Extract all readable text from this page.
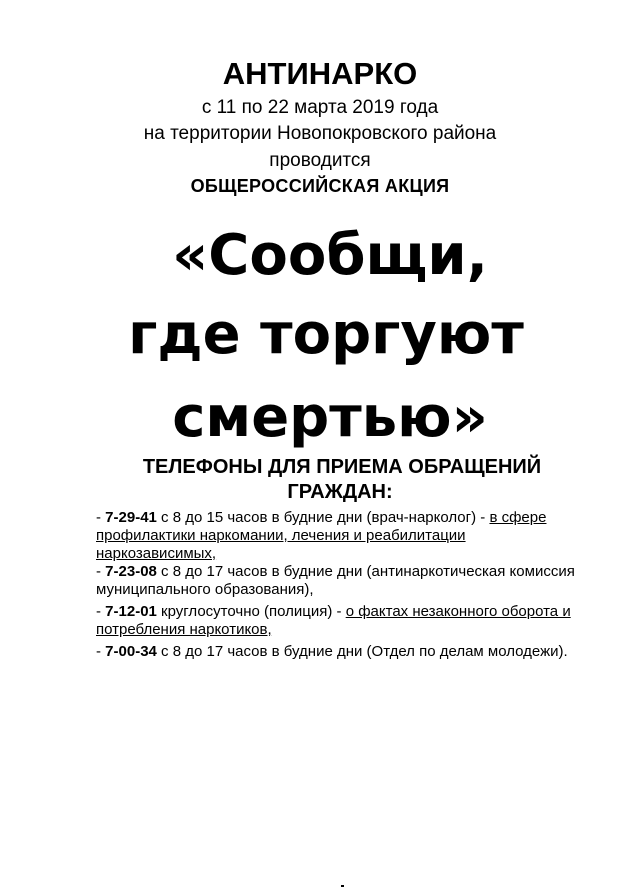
АНТИНАРКО
с 11 по 22 марта 2019 года
на территории Новопокровского района
проводится
ОБЩЕРОССИЙСКАЯ АКЦИЯ
«Сообщи,
где торгуют
смертью»
ТЕЛЕФОНЫ ДЛЯ ПРИЕМА ОБРАЩЕНИЙ
ГРАЖДАН:

- 7-29-41 с 8 до 15 часов в будние дни (врач-нарколог) - в сфере профилактики наркомании, лечения и реабилитации наркозависимых,

- 7-23-08 с 8 до 17 часов в будние дни (антинаркотическая комиссия муниципального образования),

- 7-12-01 круглосуточно (полиция) - о фактах незаконного оборота и потребления наркотиков,

- 7-00-34 с 8 до 17 часов в будние дни (Отдел по делам молодежи).
